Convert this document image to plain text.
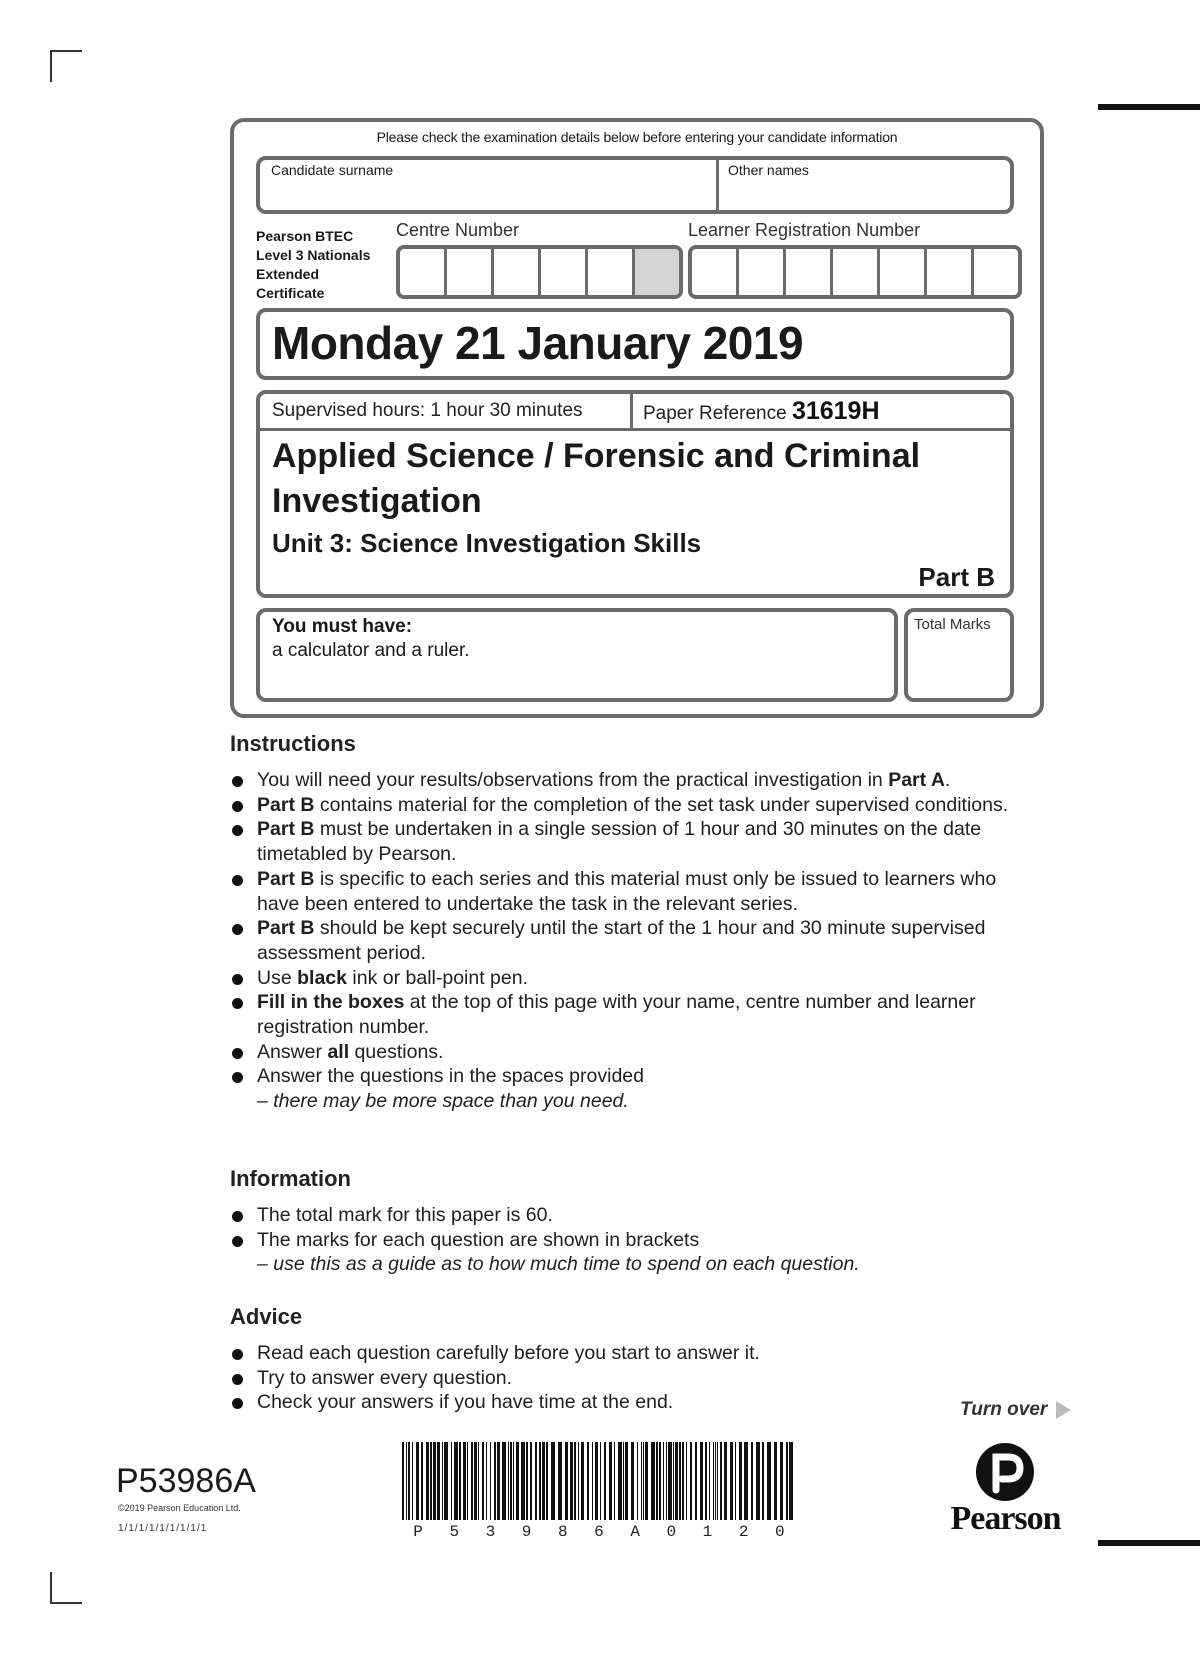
Please check the examination details below before entering your candidate information
Candidate surname	Other names
Pearson BTEC
Level 3 Nationals
Extended
Certificate
Centre Number	Learner Registration Number
Monday 21 January 2019
Supervised hours: 1 hour 30 minutes	Paper Reference 31619H
Applied Science / Forensic and Criminal
Investigation
Unit 3: Science Investigation Skills
Part B
You must have:
a calculator and a ruler.
Total Marks
Instructions
You will need your results/observations from the practical investigation in Part A.
Part B contains material for the completion of the set task under supervised conditions.
Part B must be undertaken in a single session of 1 hour and 30 minutes on the date timetabled by Pearson.
Part B is specific to each series and this material must only be issued to learners who have been entered to undertake the task in the relevant series.
Part B should be kept securely until the start of the 1 hour and 30 minute supervised assessment period.
Use black ink or ball-point pen.
Fill in the boxes at the top of this page with your name, centre number and learner registration number.
Answer all questions.
Answer the questions in the spaces provided
– there may be more space than you need.
Information
The total mark for this paper is 60.
The marks for each question are shown in brackets
– use this as a guide as to how much time to spend on each question.
Advice
Read each question carefully before you start to answer it.
Try to answer every question.
Check your answers if you have time at the end.	Turn over
P53986A
©2019 Pearson Education Ltd.
1/1/1/1/1/1/1/1/1	P 5 3 9 8 6 A 0 1 2 0	Pearson
